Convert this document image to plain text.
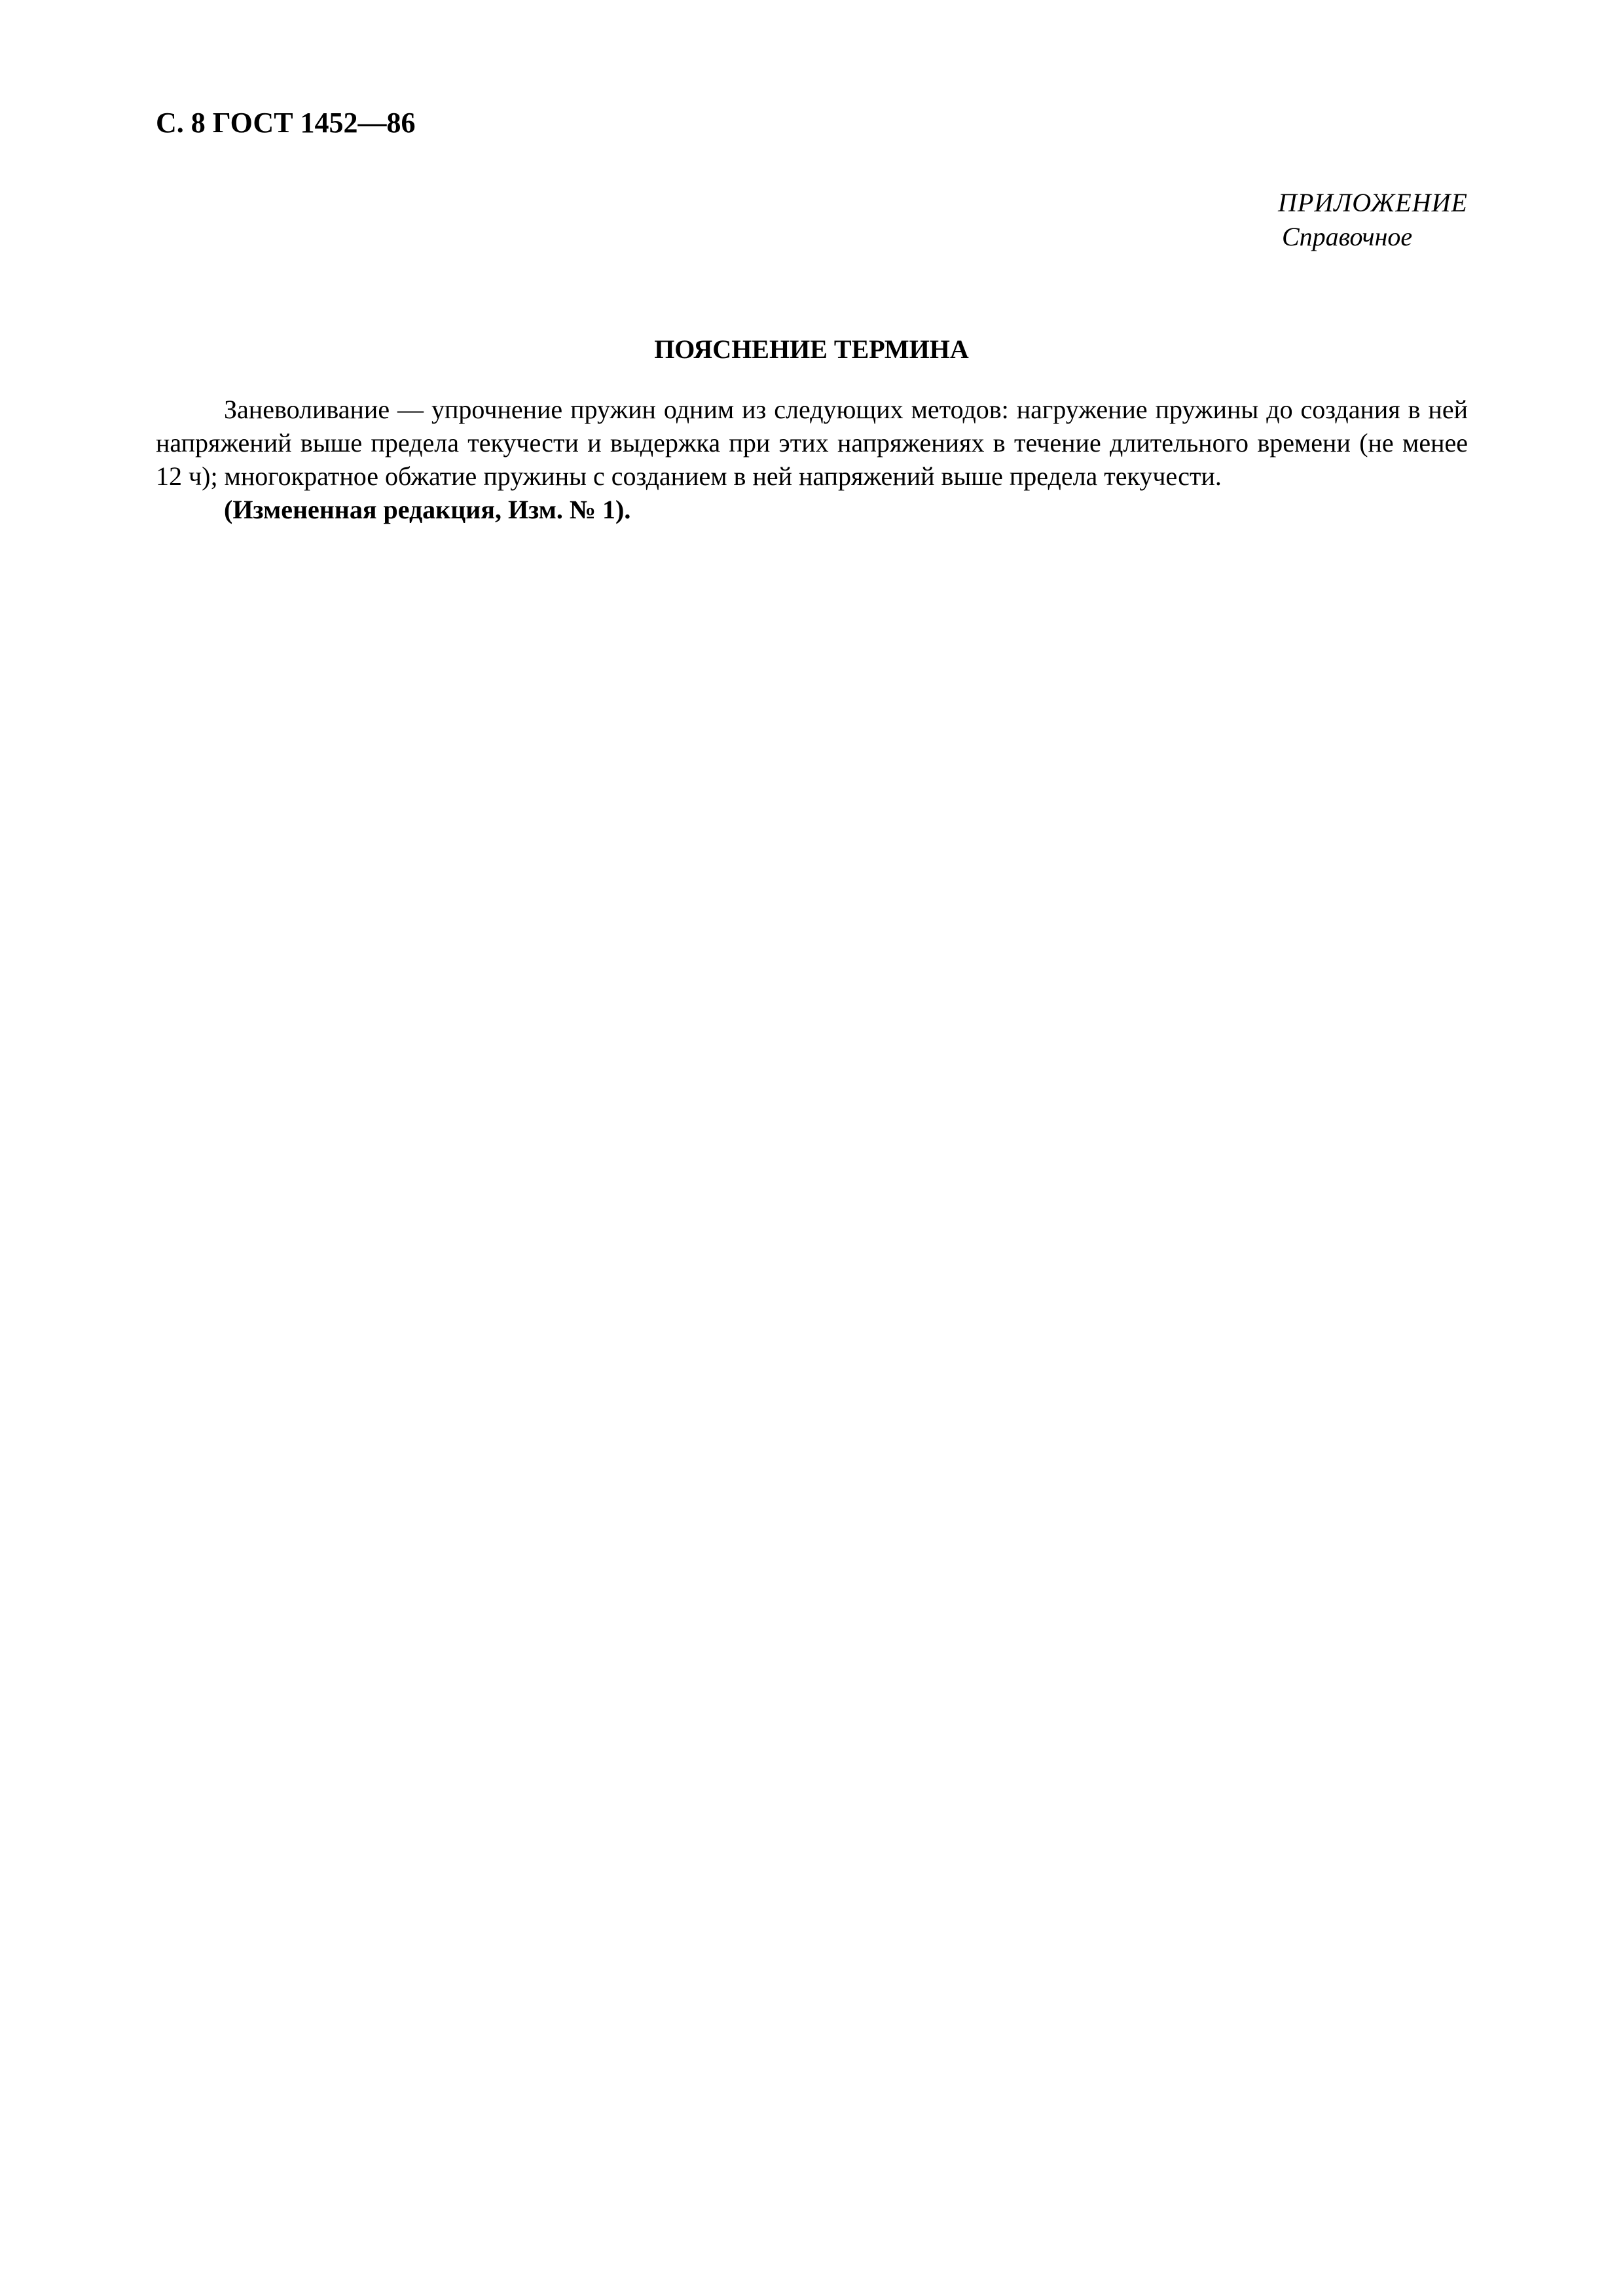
С. 8 ГОСТ 1452—86
ПРИЛОЖЕНИЕ
Справочное
ПОЯСНЕНИЕ ТЕРМИНА

Заневоливание — упрочнение пружин одним из следующих методов: нагружение пружины до создания в ней напряжений выше предела текучести и выдержка при этих напряжениях в течение длительного времени (не менее 12 ч); многократное обжатие пружины с созданием в ней напряжений выше предела текучести.

(Измененная редакция, Изм. № 1).
